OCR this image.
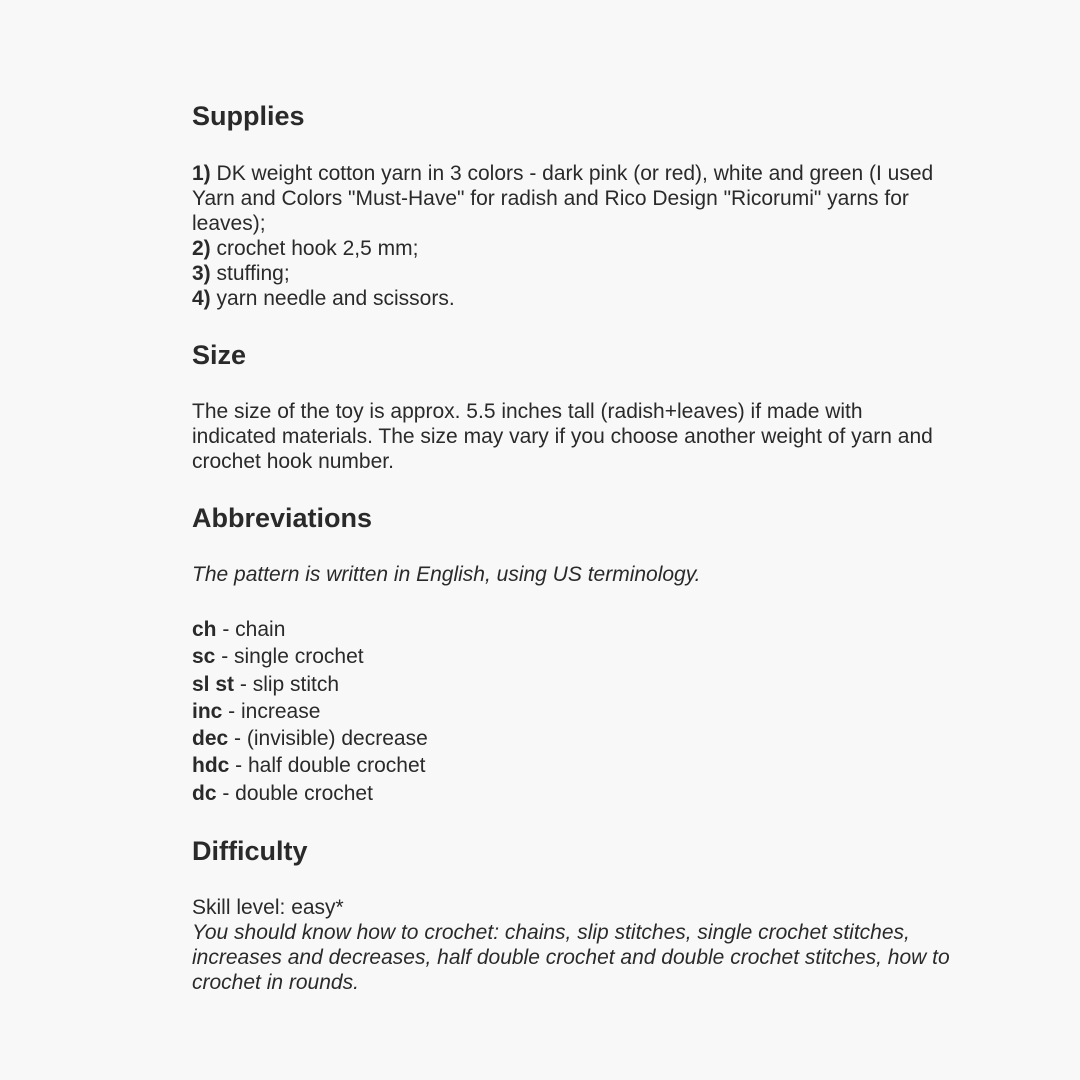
Supplies

1) DK weight cotton yarn in 3 colors - dark pink (or red), white and green (I used Yarn and Colors "Must-Have" for radish and Rico Design "Ricorumi" yarns for leaves);

2) crochet hook 2,5 mm;

3) stuffing;

4) yarn needle and scissors.

Size

The size of the toy is approx. 5.5 inches tall (radish+leaves) if made with indicated materials. The size may vary if you choose another weight of yarn and crochet hook number.

Abbreviations

The pattern is written in English, using US terminology.

ch - chain
sc - single crochet
sl st - slip stitch
inc - increase
dec - (invisible) decrease
hdc - half double crochet
dc - double crochet
Difficulty

Skill level: easy*

You should know how to crochet: chains, slip stitches, single crochet stitches, increases and decreases, half double crochet and double crochet stitches, how to crochet in rounds.
